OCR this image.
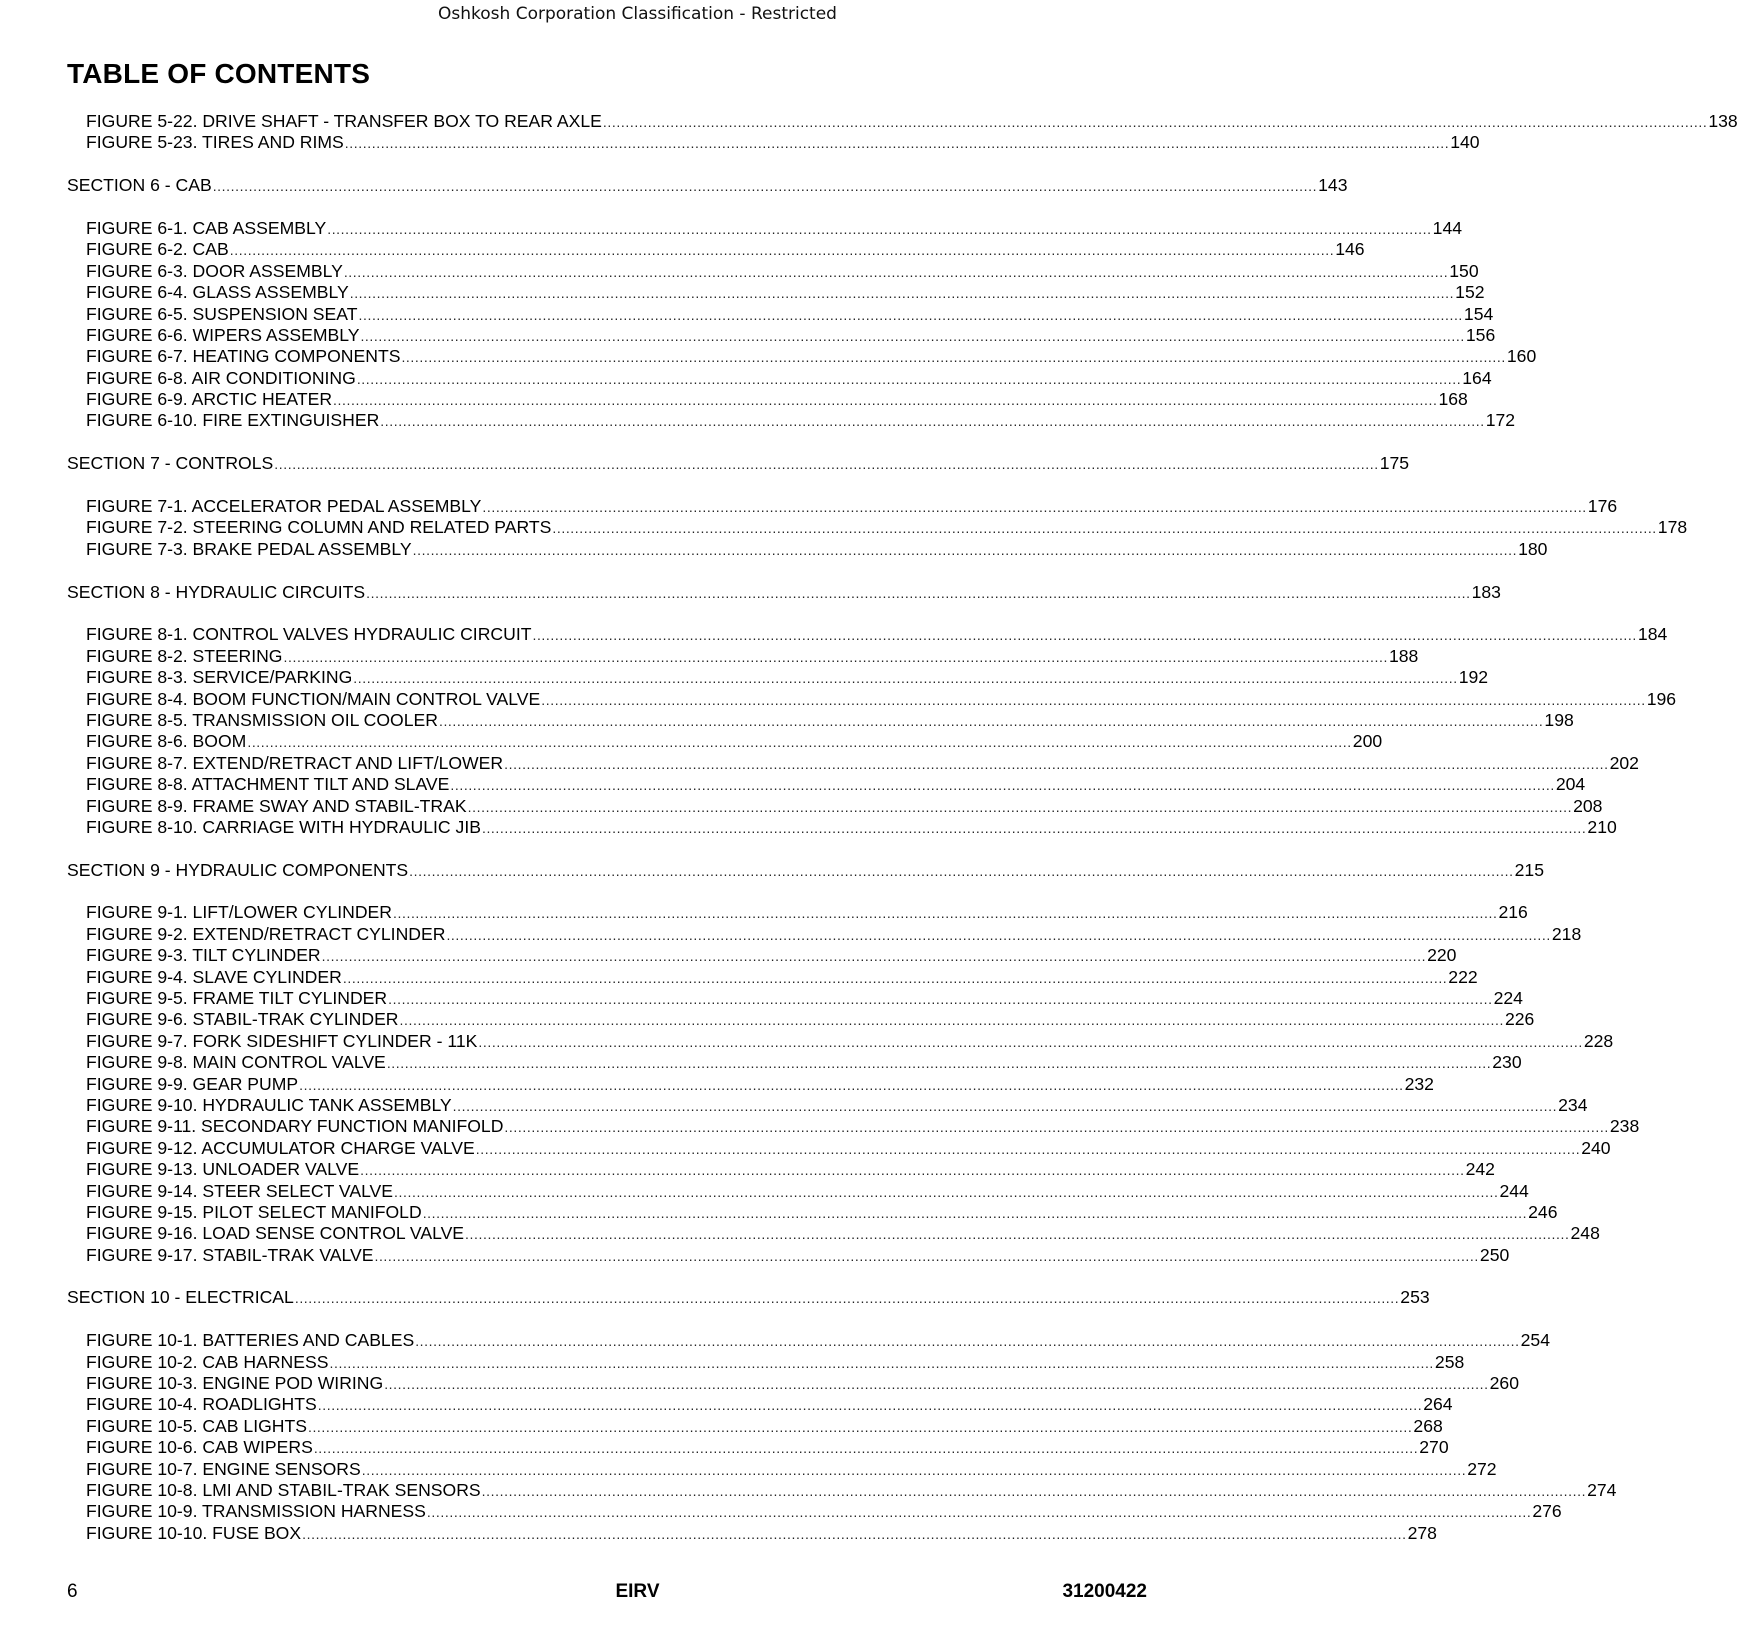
Oshkosh Corporation Classification - Restricted
TABLE OF CONTENTS
FIGURE 5-22. DRIVE SHAFT - TRANSFER BOX TO REAR AXLE ...................................................................................................................................................................................................................................................... 138
FIGURE 5-23. TIRES AND RIMS ...................................................................................................................................................................................................................................................... 140
SECTION 6 - CAB ...................................................................................................................................................................................................................................................... 143
FIGURE 6-1. CAB ASSEMBLY ...................................................................................................................................................................................................................................................... 144
FIGURE 6-2. CAB ...................................................................................................................................................................................................................................................... 146
FIGURE 6-3. DOOR ASSEMBLY ...................................................................................................................................................................................................................................................... 150
FIGURE 6-4. GLASS ASSEMBLY ...................................................................................................................................................................................................................................................... 152
FIGURE 6-5. SUSPENSION SEAT ...................................................................................................................................................................................................................................................... 154
FIGURE 6-6. WIPERS ASSEMBLY ...................................................................................................................................................................................................................................................... 156
FIGURE 6-7. HEATING COMPONENTS ...................................................................................................................................................................................................................................................... 160
FIGURE 6-8. AIR CONDITIONING ...................................................................................................................................................................................................................................................... 164
FIGURE 6-9. ARCTIC HEATER ...................................................................................................................................................................................................................................................... 168
FIGURE 6-10. FIRE EXTINGUISHER ...................................................................................................................................................................................................................................................... 172
SECTION 7 - CONTROLS ...................................................................................................................................................................................................................................................... 175
FIGURE 7-1. ACCELERATOR PEDAL ASSEMBLY ...................................................................................................................................................................................................................................................... 176
FIGURE 7-2. STEERING COLUMN AND RELATED PARTS ...................................................................................................................................................................................................................................................... 178
FIGURE 7-3. BRAKE PEDAL ASSEMBLY ...................................................................................................................................................................................................................................................... 180
SECTION 8 - HYDRAULIC CIRCUITS ...................................................................................................................................................................................................................................................... 183
FIGURE 8-1. CONTROL VALVES HYDRAULIC CIRCUIT ...................................................................................................................................................................................................................................................... 184
FIGURE 8-2. STEERING ...................................................................................................................................................................................................................................................... 188
FIGURE 8-3. SERVICE/PARKING ...................................................................................................................................................................................................................................................... 192
FIGURE 8-4. BOOM FUNCTION/MAIN CONTROL VALVE ...................................................................................................................................................................................................................................................... 196
FIGURE 8-5. TRANSMISSION OIL COOLER ...................................................................................................................................................................................................................................................... 198
FIGURE 8-6. BOOM ...................................................................................................................................................................................................................................................... 200
FIGURE 8-7. EXTEND/RETRACT AND LIFT/LOWER ...................................................................................................................................................................................................................................................... 202
FIGURE 8-8. ATTACHMENT TILT AND SLAVE ...................................................................................................................................................................................................................................................... 204
FIGURE 8-9. FRAME SWAY AND STABIL-TRAK ...................................................................................................................................................................................................................................................... 208
FIGURE 8-10. CARRIAGE WITH HYDRAULIC JIB ...................................................................................................................................................................................................................................................... 210
SECTION 9 - HYDRAULIC COMPONENTS ...................................................................................................................................................................................................................................................... 215
FIGURE 9-1. LIFT/LOWER CYLINDER ...................................................................................................................................................................................................................................................... 216
FIGURE 9-2. EXTEND/RETRACT CYLINDER ...................................................................................................................................................................................................................................................... 218
FIGURE 9-3. TILT CYLINDER ...................................................................................................................................................................................................................................................... 220
FIGURE 9-4. SLAVE CYLINDER ...................................................................................................................................................................................................................................................... 222
FIGURE 9-5. FRAME TILT CYLINDER ...................................................................................................................................................................................................................................................... 224
FIGURE 9-6. STABIL-TRAK CYLINDER ...................................................................................................................................................................................................................................................... 226
FIGURE 9-7. FORK SIDESHIFT CYLINDER - 11K ...................................................................................................................................................................................................................................................... 228
FIGURE 9-8. MAIN CONTROL VALVE ...................................................................................................................................................................................................................................................... 230
FIGURE 9-9. GEAR PUMP ...................................................................................................................................................................................................................................................... 232
FIGURE 9-10. HYDRAULIC TANK ASSEMBLY ...................................................................................................................................................................................................................................................... 234
FIGURE 9-11. SECONDARY FUNCTION MANIFOLD ...................................................................................................................................................................................................................................................... 238
FIGURE 9-12. ACCUMULATOR CHARGE VALVE ...................................................................................................................................................................................................................................................... 240
FIGURE 9-13. UNLOADER VALVE ...................................................................................................................................................................................................................................................... 242
FIGURE 9-14. STEER SELECT VALVE ...................................................................................................................................................................................................................................................... 244
FIGURE 9-15. PILOT SELECT MANIFOLD ...................................................................................................................................................................................................................................................... 246
FIGURE 9-16. LOAD SENSE CONTROL VALVE ...................................................................................................................................................................................................................................................... 248
FIGURE 9-17. STABIL-TRAK VALVE ...................................................................................................................................................................................................................................................... 250
SECTION 10 - ELECTRICAL ...................................................................................................................................................................................................................................................... 253
FIGURE 10-1. BATTERIES AND CABLES ...................................................................................................................................................................................................................................................... 254
FIGURE 10-2. CAB HARNESS ...................................................................................................................................................................................................................................................... 258
FIGURE 10-3. ENGINE POD WIRING ...................................................................................................................................................................................................................................................... 260
FIGURE 10-4. ROADLIGHTS ...................................................................................................................................................................................................................................................... 264
FIGURE 10-5. CAB LIGHTS ...................................................................................................................................................................................................................................................... 268
FIGURE 10-6. CAB WIPERS ...................................................................................................................................................................................................................................................... 270
FIGURE 10-7. ENGINE SENSORS ...................................................................................................................................................................................................................................................... 272
FIGURE 10-8. LMI AND STABIL-TRAK SENSORS ...................................................................................................................................................................................................................................................... 274
FIGURE 10-9. TRANSMISSION HARNESS ...................................................................................................................................................................................................................................................... 276
FIGURE 10-10. FUSE BOX ...................................................................................................................................................................................................................................................... 278
6	EIRV	31200422
